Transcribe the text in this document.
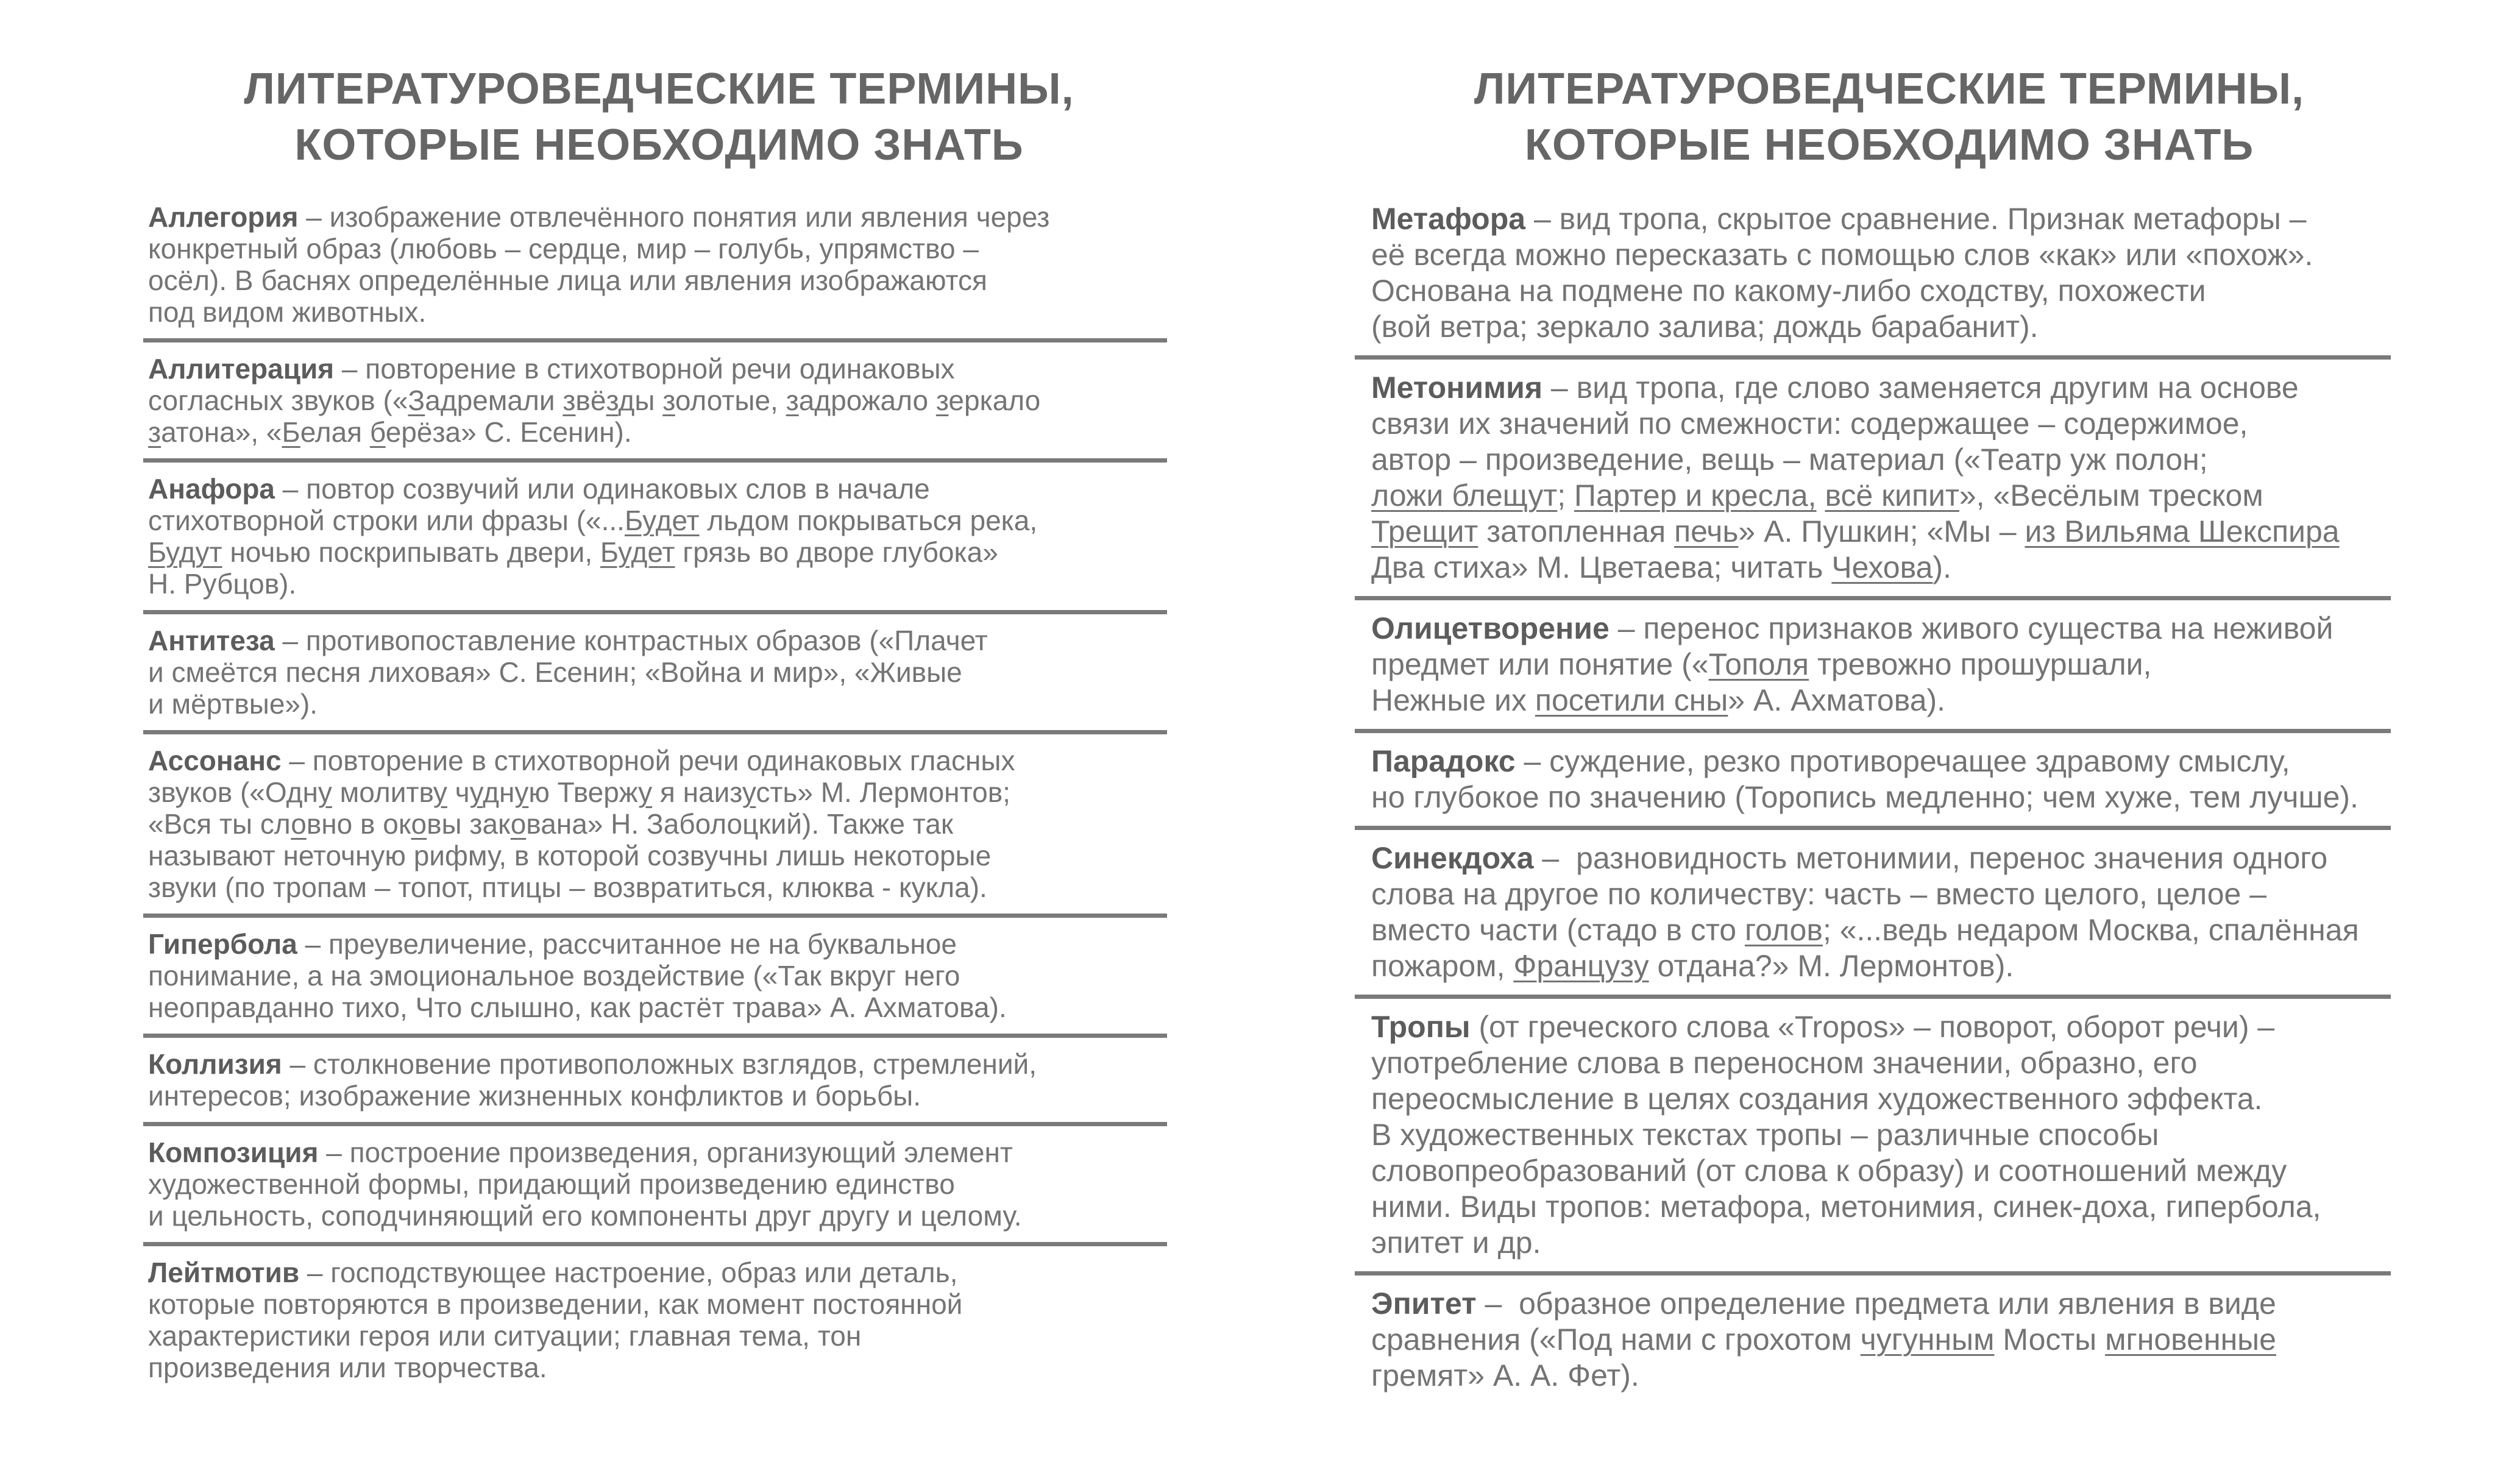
ЛИТЕРАТУРОВЕДЧЕСКИЕ ТЕРМИНЫ,
КОТОРЫЕ НЕОБХОДИМО ЗНАТЬ
Аллегория – изображение отвлечённого понятия или явления через
конкретный образ (любовь – сердце, мир – голубь, упрямство –
осёл). В баснях определённые лица или явления изображаются
под видом животных.
Аллитерация – повторение в стихотворной речи одинаковых
согласных звуков («Задремали звёзды золотые, задрожало зеркало
затона», «Белая берёза» С. Есенин).
Анафора – повтор созвучий или одинаковых слов в начале
стихотворной строки или фразы («...Будет льдом покрываться река,
Будут ночью поскрипывать двери, Будет грязь во дворе глубока»
Н. Рубцов).
Антитеза – противопоставление контрастных образов («Плачет
и смеётся песня лиховая» С. Есенин; «Война и мир», «Живые
и мёртвые»).
Ассонанс – повторение в стихотворной речи одинаковых гласных
звуков («Одну молитву чудную Твержу я наизусть» М. Лермонтов;
«Вся ты словно в оковы закована» Н. Заболоцкий). Также так
называют неточную рифму, в которой созвучны лишь некоторые
звуки (по тропам – топот, птицы – возвратиться, клюква - кукла).
Гипербола – преувеличение, рассчитанное не на буквальное
понимание, а на эмоциональное воздействие («Так вкруг него
неоправданно тихо, Что слышно, как растёт трава» А. Ахматова).
Коллизия – столкновение противоположных взглядов, стремлений,
интересов; изображение жизненных конфликтов и борьбы.
Композиция – построение произведения, организующий элемент
художественной формы, придающий произведению единство
и цельность, соподчиняющий его компоненты друг другу и целому.
Лейтмотив – господствующее настроение, образ или деталь,
которые повторяются в произведении, как момент постоянной
характеристики героя или ситуации; главная тема, тон
произведения или творчества.
ЛИТЕРАТУРОВЕДЧЕСКИЕ ТЕРМИНЫ,
КОТОРЫЕ НЕОБХОДИМО ЗНАТЬ
Метафора – вид тропа, скрытое сравнение. Признак метафоры –
её всегда можно пересказать с помощью слов «как» или «похож».
Основана на подмене по какому-либо сходству, похожести
(вой ветра; зеркало залива; дождь барабанит).
Метонимия – вид тропа, где слово заменяется другим на основе
связи их значений по смежности: содержащее – содержимое,
автор – произведение, вещь – материал («Театр уж полон;
ложи блещут; Партер и кресла, всё кипит», «Весёлым треском
Трещит затопленная печь» А. Пушкин; «Мы – из Вильяма Шекспира
Два стиха» М. Цветаева; читать Чехова).
Олицетворение – перенос признаков живого существа на неживой
предмет или понятие («Тополя тревожно прошуршали,
Нежные их посетили сны» А. Ахматова).
Парадокс – суждение, резко противоречащее здравому смыслу,
но глубокое по значению (Торопись медленно; чем хуже, тем лучше).
Синекдоха –  разновидность метонимии, перенос значения одного
слова на другое по количеству: часть – вместо целого, целое –
вместо части (стадо в сто голов; «...ведь недаром Москва, спалённая
пожаром, Французу отдана?» М. Лермонтов).
Тропы (от греческого слова «Tropos» – поворот, оборот речи) –
употребление слова в переносном значении, образно, его
переосмысление в целях создания художественного эффекта.
В художественных текстах тропы – различные способы
словопреобразований (от слова к образу) и соотношений между
ними. Виды тропов: метафора, метонимия, синек-доха, гипербола,
эпитет и др.
Эпитет –  образное определение предмета или явления в виде
сравнения («Под нами с грохотом чугунным Мосты мгновенные
гремят» А. А. Фет).
